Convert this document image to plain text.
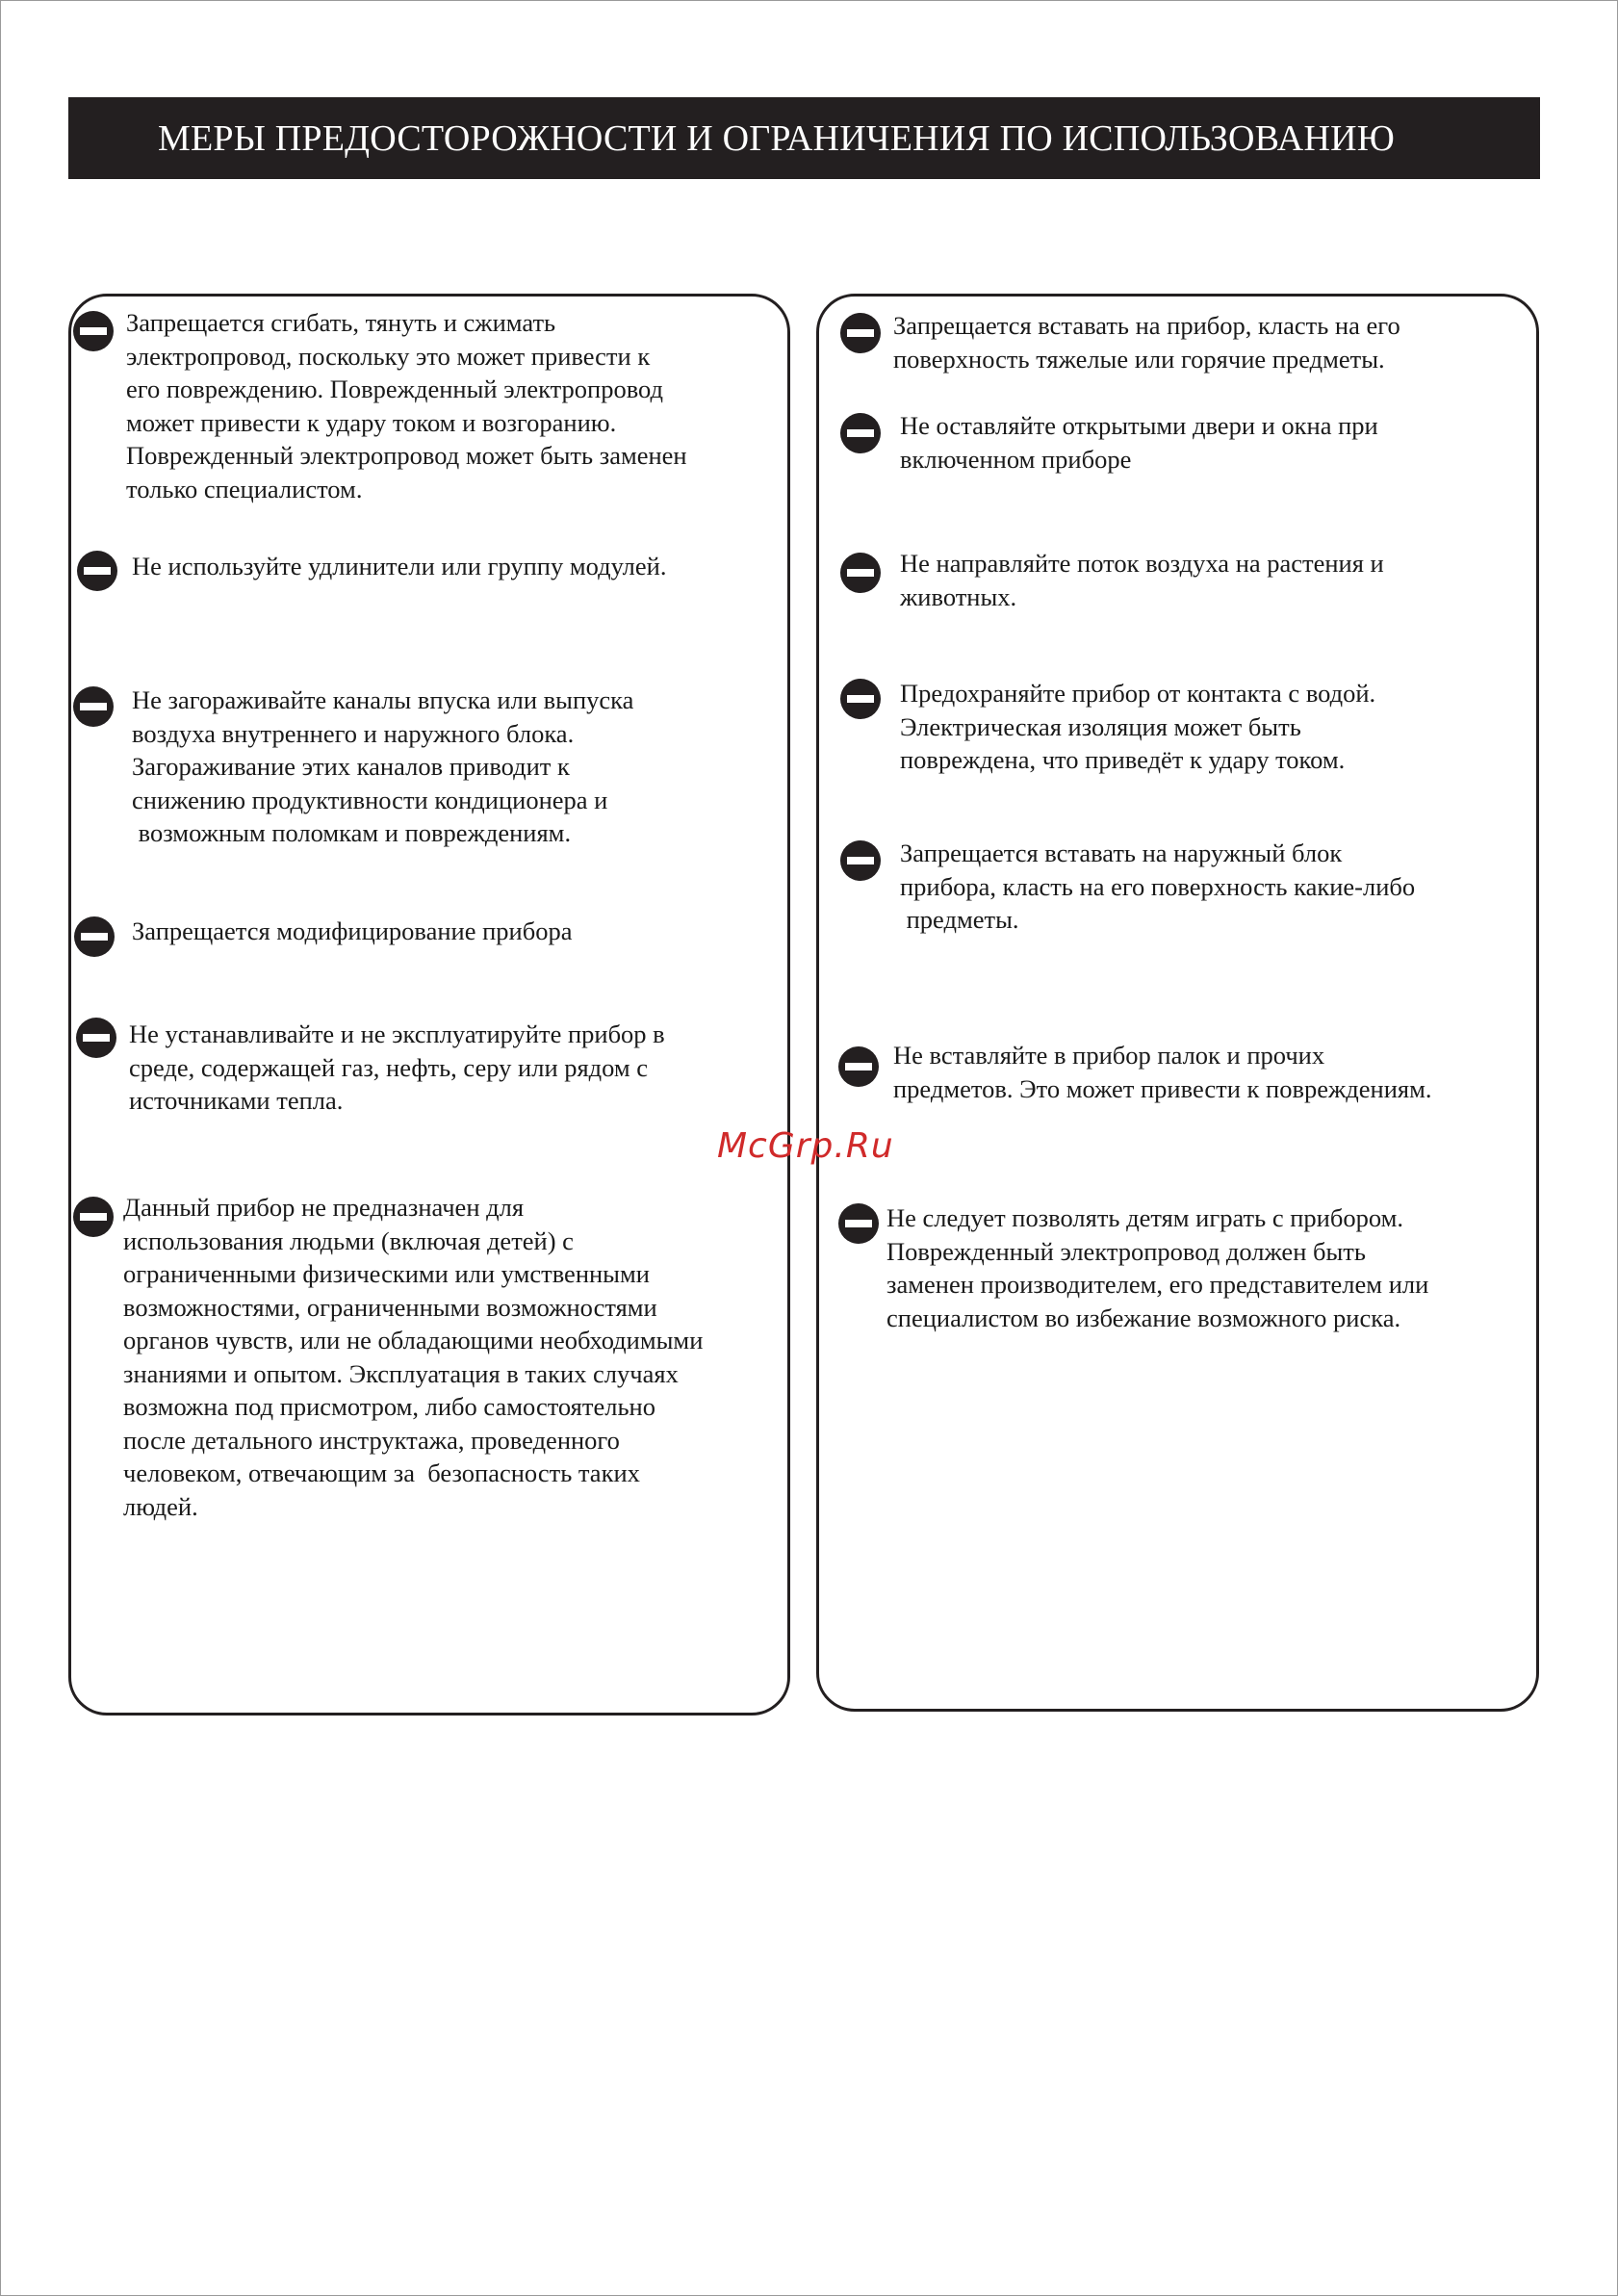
МЕРЫ ПРЕДОСТОРОЖНОСТИ И ОГРАНИЧЕНИЯ ПО ИСПОЛЬЗОВАНИЮ
Запрещается сгибать, тянуть и сжимать
электропровод, поскольку это может привести к
его повреждению. Поврежденный электропровод
может привести к удару током и возгоранию.
Поврежденный электропровод может быть заменен
только специалистом.
Не используйте удлинители или группу модулей.
Не загораживайте каналы впуска или выпуска
воздуха внутреннего и наружного блока.
Загораживание этих каналов приводит к
снижению продуктивности кондиционера и
возможным поломкам и повреждениям.
Запрещается модифицирование прибора
Не устанавливайте и не эксплуатируйте прибор в
среде, содержащей газ, нефть, серу или рядом с
источниками тепла.
Данный прибор не предназначен для
использования людьми (включая детей) с
ограниченными физическими или умственными
возможностями, ограниченными возможностями
органов чувств, или не обладающими необходимыми
знаниями и опытом. Эксплуатация в таких случаях
возможна под присмотром, либо самостоятельно
после детального инструктажа, проведенного
человеком, отвечающим за  безопасность таких
людей.
Запрещается вставать на прибор, класть на его
поверхность тяжелые или горячие предметы.
Не оставляйте открытыми двери и окна при
включенном приборе
Не направляйте поток воздуха на растения и
животных.
Предохраняйте прибор от контакта с водой.
Электрическая изоляция может быть
повреждена, что приведёт к удару током.
Запрещается вставать на наружный блок
прибора, класть на его поверхность какие-либо
предметы.
Не вставляйте в прибор палок и прочих
предметов. Это может привести к повреждениям.
Не следует позволять детям играть с прибором.
Поврежденный электропровод должен быть
заменен производителем, его представителем или
специалистом во избежание возможного риска.
McGrp.Ru
